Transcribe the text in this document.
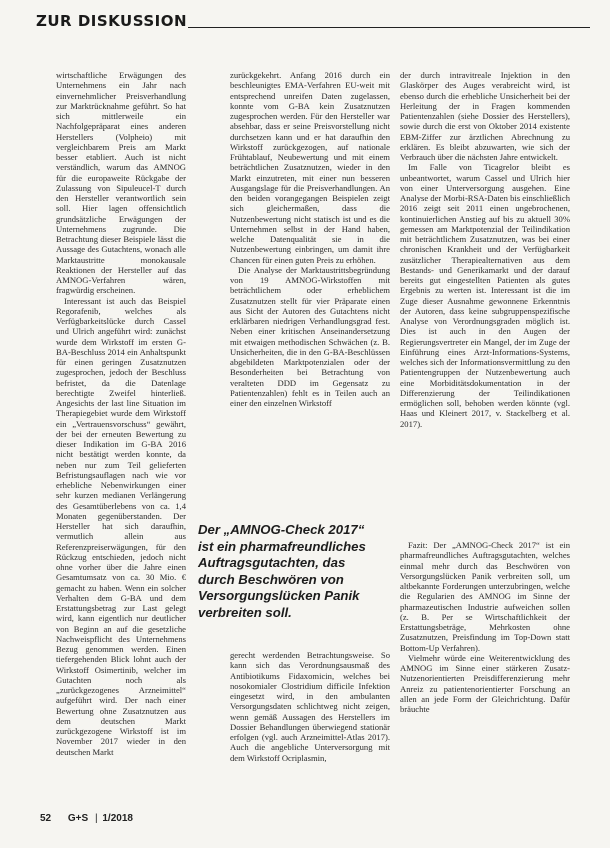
ZUR DISKUSSION

wirtschaftliche Erwägungen des Unternehmens ein Jahr nach einvernehmlicher Preisverhandlung zur Marktrücknahme geführt. So hat sich mittlerweile ein Nachfolgepräparat eines anderen Herstellers (Volpheio) mit vergleichbarem Preis am Markt besser etabliert. Auch ist nicht verständlich, warum das AMNOG für die europaweite Rückgabe der Zulassung von Sipuleucel-T durch den Hersteller verantwortlich sein soll. Hier lagen offensichtlich grundsätzliche Erwägungen der Unternehmens zugrunde. Die Betrachtung dieser Beispiele lässt die Aussage des Gutachtens, wonach alle Marktaustritte monokausale Reaktionen der Hersteller auf das AMNOG-Verfahren wären, fragwürdig erscheinen.

Interessant ist auch das Beispiel Regorafenib, welches als Verfügbarkeitslücke durch Cassel und Ulrich angeführt wird: zunächst wurde dem Wirkstoff im ersten G-BA-Beschluss 2014 ein Anhaltspunkt für einen geringen Zusatznutzen zugesprochen, jedoch der Beschluss befristet, da die Datenlage berechtigte Zweifel hinterließ. Angesichts der last line Situation im Therapiegebiet wurde dem Wirkstoff ein „Vertrauensvorschuss“ gewährt, der bei der erneuten Bewertung zu dieser Indikation im G-BA 2016 nicht bestätigt werden konnte, da neben nur zum Teil gelieferten Befristungsauflagen nach wie vor erhebliche Nebenwirkungen einer sehr kurzen medianen Verlängerung des Gesamtüberlebens von ca. 1,4 Monaten gegenüberstanden. Der Hersteller hat sich daraufhin, vermutlich allein aus Referenzpreiserwägungen, für den Rückzug entschieden, jedoch nicht ohne vorher über die Jahre einen Gesamtumsatz von ca. 30 Mio. € gemacht zu haben. Wenn ein solcher Verhalten dem G-BA und dem Erstattungsbetrag zur Last gelegt wird, kann eigentlich nur deutlicher von Beginn an auf die gesetzliche Nachweispflicht des Unternehmens Bezug genommen werden. Einen tiefergehenden Blick lohnt auch der Wirkstoff Osimertinib, welcher im Gutachten noch als „zurückgezogenes Arzneimittel“ aufgeführt wird. Der nach einer Bewertung ohne Zusatznutzen aus dem deutschen Markt zurückgezogene Wirkstoff ist im November 2017 wieder in den deutschen Markt

zurückgekehrt. Anfang 2016 durch ein beschleunigtes EMA-Verfahren EU-weit mit entsprechend unreifen Daten zugelassen, konnte vom G-BA kein Zusatznutzen zugesprochen werden. Für den Hersteller war absehbar, dass er seine Preisvorstellung nicht durchsetzen kann und er hat daraufhin den Wirkstoff zurückgezogen, auf nationale Frühtablauf, Neubewertung und mit einem beträchtlichen Zusatznutzen, wieder in den Markt einzutreten, mit einer nun besseren Ausgangslage für die Preisverhandlungen. An den beiden vorangegangen Beispielen zeigt sich gleichermaßen, dass die Nutzenbewertung nicht statisch ist und es die Unternehmen selbst in der Hand haben, welche Datenqualität sie in die Nutzenbewertung einbringen, um damit ihre Chancen für einen guten Preis zu erhöhen.

Die Analyse der Marktaustrittsbegründung von 19 AMNOG-Wirkstoffen mit beträchtlichem oder erheblichem Zusatznutzen stellt für vier Präparate einen aus Sicht der Autoren des Gutachtens nicht erklärbaren niedrigen Verhandlungsgrad fest. Neben einer kritischen Anseinandersetzung mit etwaigen methodischen Schwächen (z. B. Unsicherheiten, die in den G-BA-Beschlüssen abgebildeten Marktpotenzialen oder der Besonderheiten bei Betrachtung von veralteten DDD im Gegensatz zu Patientenzahlen) fehlt es in Teilen auch an einer den einzelnen Wirkstoff

gerecht werdenden Betrachtungsweise. So kann sich das Verordnungsausmaß des Antibiotikums Fidaxomicin, welches bei nosokomialer Clostridium difficile Infektion eingesetzt wird, in den ambulanten Versorgungsdaten schlichtweg nicht zeigen, wenn gemäß Aussagen des Herstellers im Dossier Behandlungen überwiegend stationär erfolgen (vgl. auch Arzneimittel-Atlas 2017). Auch die angebliche Unterversorgung mit dem Wirkstoff Ocriplasmin,

der durch intravitreale Injektion in den Glaskörper des Auges verabreicht wird, ist ebenso durch die erhebliche Unsicherheit bei der Herleitung der in Fragen kommenden Patientenzahlen (siehe Dossier des Herstellers), sowie durch die erst von Oktober 2014 existente EBM-Ziffer zur ärztlichen Abrechnung zu erklären. Es bleibt abzuwarten, wie sich der Verbrauch über die nächsten Jahre entwickelt.

Im Falle von Ticagrelor bleibt es unbeantwortet, warum Cassel und Ulrich hier von einer Unterversorgung ausgehen. Eine Analyse der Morbi-RSA-Daten bis einschließlich 2016 zeigt seit 2011 einen ungebrochenen, kontinuierlichen Anstieg auf bis zu aktuell 30% gemessen am Marktpotenzial der Teilindikation mit beträchtlichem Zusatznutzen, was bei einer chronischen Krankheit und der Verfügbarkeit zusätzlicher Therapiealternativen aus dem Bestands- und Generikamarkt und der darauf bereits gut eingestellten Patienten als gutes Ergebnis zu werten ist. Interessant ist die im Zuge dieser Ausnahme gewonnene Erkenntnis der Autoren, dass keine subgruppenspezifische Analyse von Verordnungsgraden möglich ist. Dies ist auch in den Augen der Regierungsvertreter ein Mangel, der im Zuge der Einführung eines Arzt-Informations-Systems, welches sich der Informationsvermittlung zu den Patientengruppen der Nutzenbewertung auch eine Morbiditätsdokumentation in der Differenzierung der Teilindikationen ermöglichen soll, behoben werden könnte (vgl. Haas und Kleinert 2017, v. Stackelberg et al. 2017).

Fazit: Der „AMNOG-Check 2017“ ist ein pharmafreundliches Auftragsgutachten, welches einmal mehr durch das Beschwören von Versorgungslücken Panik verbreiten soll, um altbekannte Forderungen unterzubringen, welche die Regularien des AMNOG im Sinne der pharmazeutischen Industrie aufweichen sollen (z. B. Per se Wirtschaftlichkeit der Erstattungsbeträge, Mehrkosten ohne Zusatznutzen, Preisfindung im Top-Down statt Bottom-Up Verfahren).

Vielmehr würde eine Weiterentwicklung des AMNOG im Sinne einer stärkeren Zusatz-Nutzenorientierten Preisdifferenzierung mehr Anreiz zu patientenorientierter Forschung an allen an jede Form der Gleichrichtung. Dafür bräuchte

Der „AMNOG-Check 2017“
ist ein pharmafreundliches
Auftragsgutachten, das
durch Beschwören von
Versorgungslücken Panik
verbreiten soll.
52 G+S | 1/2018
